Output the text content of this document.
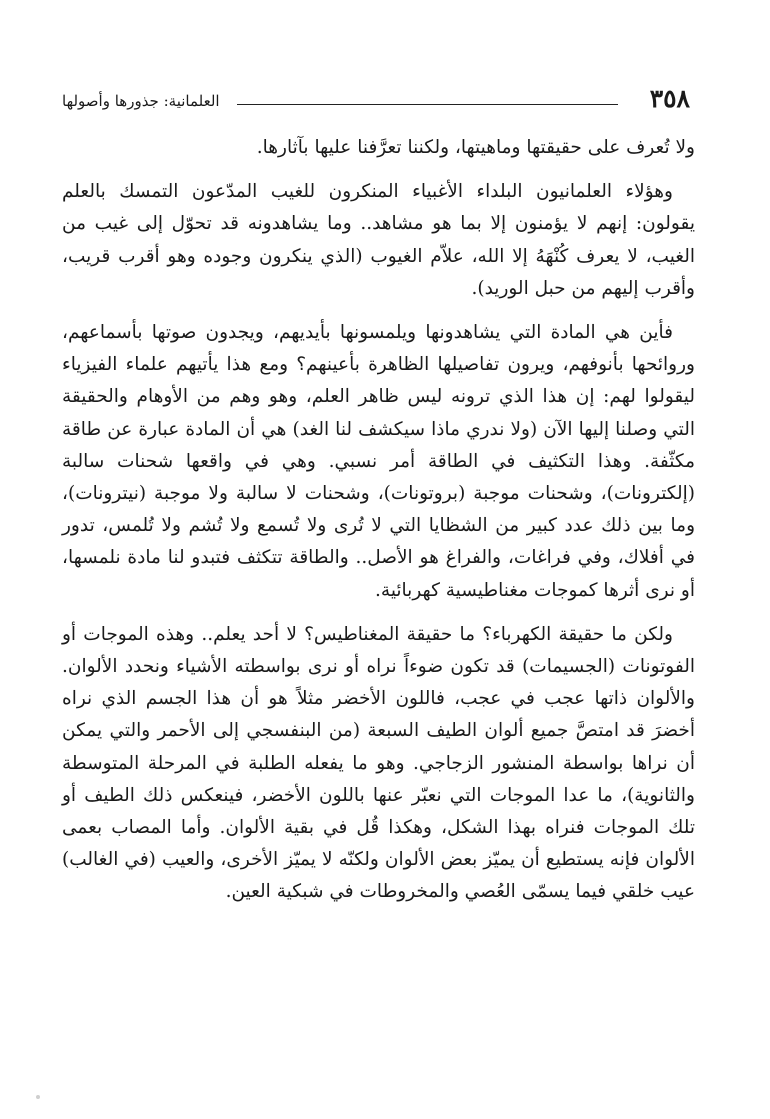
٣٥٨
العلمانية: جذورها وأصولها

ولا تُعرف على حقيقتها وماهيتها، ولكننا تعرَّفنا عليها بآثارها.

وهؤلاء العلمانيون البلداء الأغبياء المنكرون للغيب المدّعون التمسك بالعلم يقولون: إنهم لا يؤمنون إلا بما هو مشاهد.. وما يشاهدونه قد تحوّل إلى غيب من الغيب، لا يعرف كُنْهَهُ إلا الله، علاّم الغيوب (الذي ينكرون وجوده وهو أقرب قريب، وأقرب إليهم من حبل الوريد).

فأين هي المادة التي يشاهدونها ويلمسونها بأيديهم، ويجدون صوتها بأسماعهم، وروائحها بأنوفهم، ويرون تفاصيلها الظاهرة بأعينهم؟ ومع هذا يأتيهم علماء الفيزياء ليقولوا لهم: إن هذا الذي ترونه ليس ظاهر العلم، وهو وهم من الأوهام والحقيقة التي وصلنا إليها الآن (ولا ندري ماذا سيكشف لنا الغد) هي أن المادة عبارة عن طاقة مكثّفة. وهذا التكثيف في الطاقة أمر نسبي. وهي في واقعها شحنات سالبة (إلكترونات)، وشحنات موجبة (بروتونات)، وشحنات لا سالبة ولا موجبة (نيترونات)، وما بين ذلك عدد كبير من الشظايا التي لا تُرى ولا تُسمع ولا تُشم ولا تُلمس، تدور في أفلاك، وفي فراغات، والفراغ هو الأصل.. والطاقة تتكثف فتبدو لنا مادة نلمسها، أو نرى أثرها كموجات مغناطيسية كهربائية.

ولكن ما حقيقة الكهرباء؟ ما حقيقة المغناطيس؟ لا أحد يعلم.. وهذه الموجات أو الفوتونات (الجسيمات) قد تكون ضوءاً نراه أو نرى بواسطته الأشياء ونحدد الألوان. والألوان ذاتها عجب في عجب، فاللون الأخضر مثلاً هو أن هذا الجسم الذي نراه أخضرَ قد امتصَّ جميع ألوان الطيف السبعة (من البنفسجي إلى الأحمر والتي يمكن أن نراها بواسطة المنشور الزجاجي. وهو ما يفعله الطلبة في المرحلة المتوسطة والثانوية)، ما عدا الموجات التي نعبّر عنها باللون الأخضر، فينعكس ذلك الطيف أو تلك الموجات فنراه بهذا الشكل، وهكذا قُل في بقية الألوان. وأما المصاب بعمى الألوان فإنه يستطيع أن يميّز بعض الألوان ولكنّه لا يميّز الأخرى، والعيب (في الغالب) عيب خلقي فيما يسمّى العُصي والمخروطات في شبكية العين.
